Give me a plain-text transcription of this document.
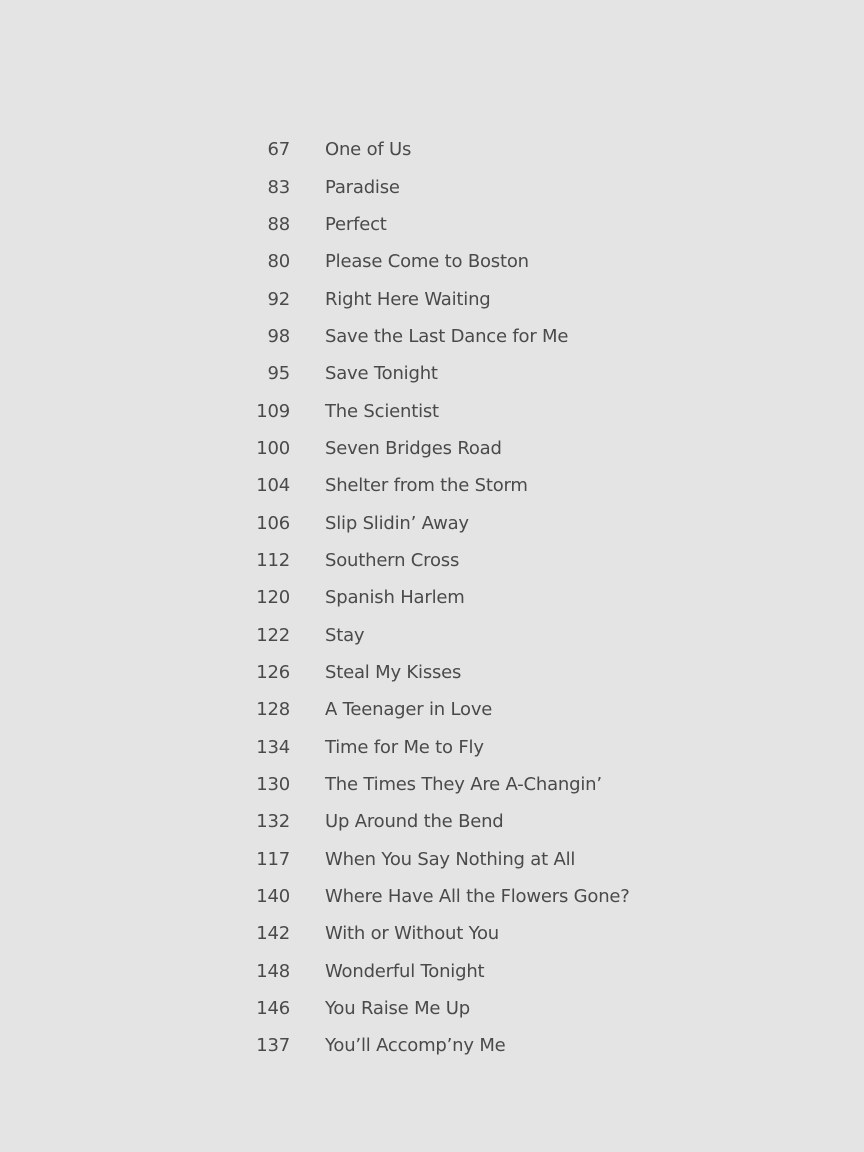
67 One of Us
83 Paradise
88 Perfect
80 Please Come to Boston
92 Right Here Waiting
98 Save the Last Dance for Me
95 Save Tonight
109 The Scientist
100 Seven Bridges Road
104 Shelter from the Storm
106 Slip Slidin’ Away
112 Southern Cross
120 Spanish Harlem
122 Stay
126 Steal My Kisses
128 A Teenager in Love
134 Time for Me to Fly
130 The Times They Are A-Changin’
132 Up Around the Bend
117 When You Say Nothing at All
140 Where Have All the Flowers Gone?
142 With or Without You
148 Wonderful Tonight
146 You Raise Me Up
137 You’ll Accomp’ny Me
